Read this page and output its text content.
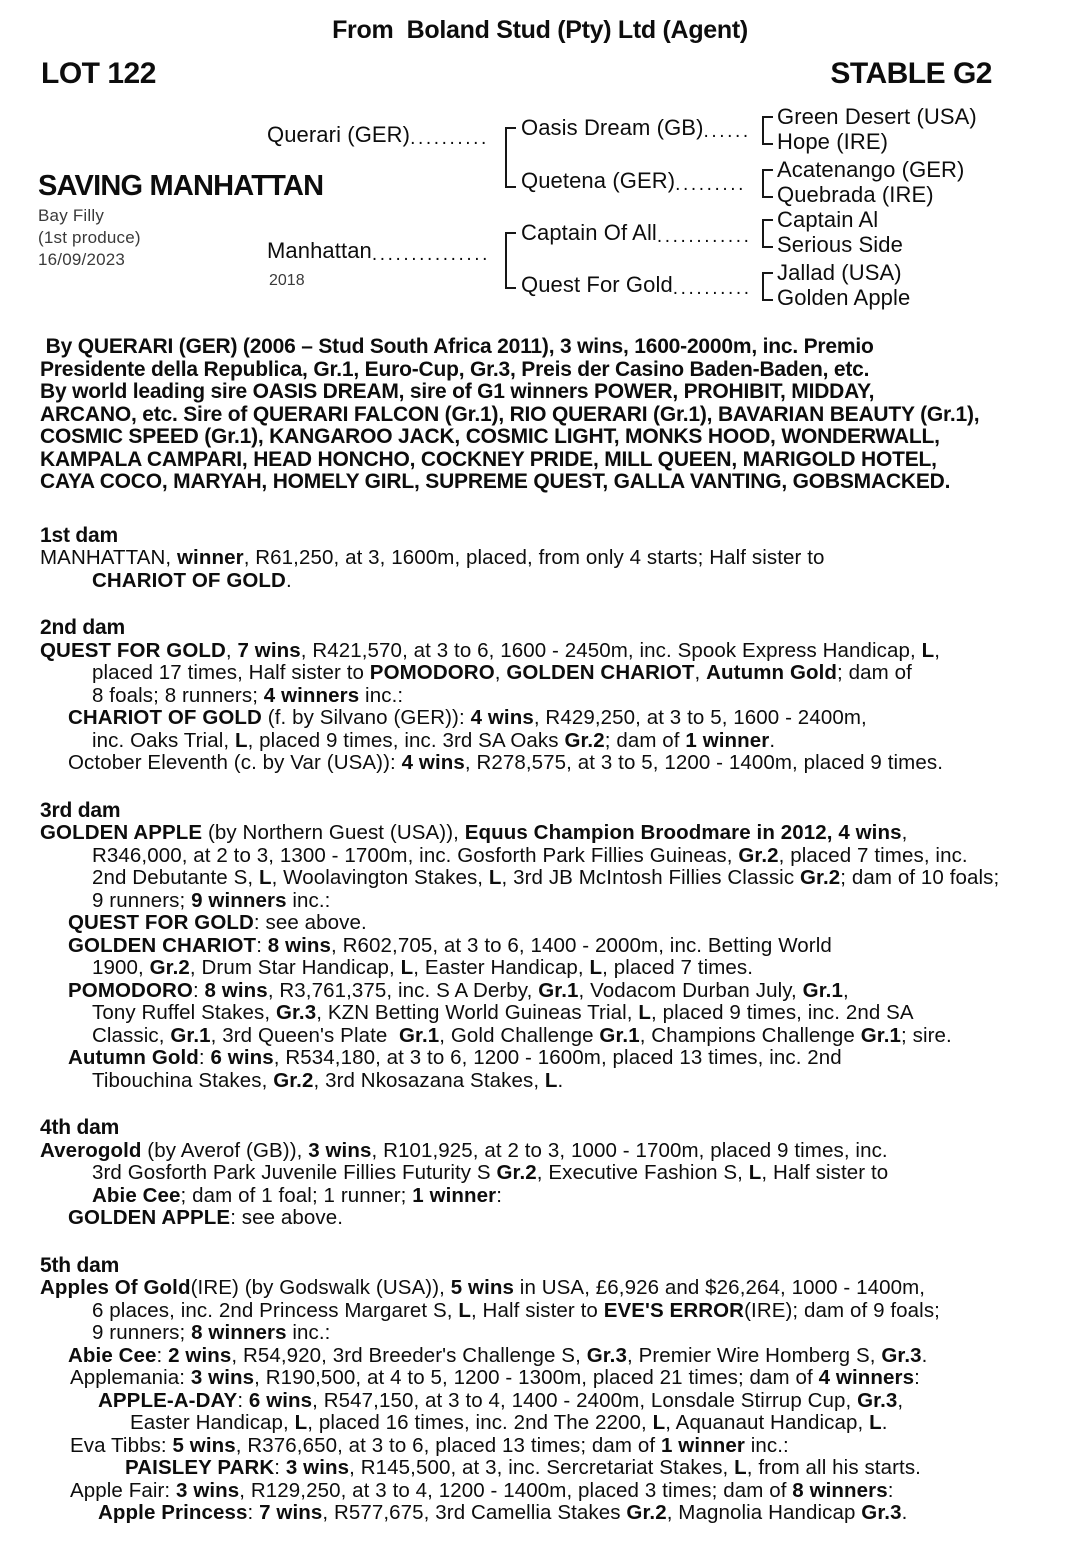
From  Boland Stud (Pty) Ltd (Agent)
LOT 122	STABLE G2
SAVING MANHATTAN
Bay Filly
(1st produce)
16/09/2023
Querari (GER)..........
Manhattan...............
2018
Oasis Dream (GB)......
Quetena (GER).........
Captain Of All............
Quest For Gold..........
Green Desert (USA)
Hope (IRE)
Acatenango (GER)
Quebrada (IRE)
Captain Al
Serious Side
Jallad (USA)
Golden Apple
By QUERARI (GER) (2006 – Stud South Africa 2011), 3 wins, 1600-2000m, inc. Premio
Presidente della Republica, Gr.1, Euro-Cup, Gr.3, Preis der Casino Baden-Baden, etc.
By world leading sire OASIS DREAM, sire of G1 winners POWER, PROHIBIT, MIDDAY,
ARCANO, etc. Sire of QUERARI FALCON (Gr.1), RIO QUERARI (Gr.1), BAVARIAN BEAUTY (Gr.1),
COSMIC SPEED (Gr.1), KANGAROO JACK, COSMIC LIGHT, MONKS HOOD, WONDERWALL,
KAMPALA CAMPARI, HEAD HONCHO, COCKNEY PRIDE, MILL QUEEN, MARIGOLD HOTEL,
CAYA COCO, MARYAH, HOMELY GIRL, SUPREME QUEST, GALLA VANTING, GOBSMACKED.
1st dam
MANHATTAN, winner, R61,250, at 3, 1600m, placed, from only 4 starts; Half sister to
CHARIOT OF GOLD.
2nd dam
QUEST FOR GOLD, 7 wins, R421,570, at 3 to 6, 1600 - 2450m, inc. Spook Express Handicap, L,
placed 17 times, Half sister to POMODORO, GOLDEN CHARIOT, Autumn Gold; dam of
8 foals; 8 runners; 4 winners inc.:
CHARIOT OF GOLD (f. by Silvano (GER)): 4 wins, R429,250, at 3 to 5, 1600 - 2400m,
inc. Oaks Trial, L, placed 9 times, inc. 3rd SA Oaks Gr.2; dam of 1 winner.
October Eleventh (c. by Var (USA)): 4 wins, R278,575, at 3 to 5, 1200 - 1400m, placed 9 times.
3rd dam
GOLDEN APPLE (by Northern Guest (USA)), Equus Champion Broodmare in 2012, 4 wins,
R346,000, at 2 to 3, 1300 - 1700m, inc. Gosforth Park Fillies Guineas, Gr.2, placed 7 times, inc.
2nd Debutante S, L, Woolavington Stakes, L, 3rd JB McIntosh Fillies Classic Gr.2; dam of 10 foals;
9 runners; 9 winners inc.:
QUEST FOR GOLD: see above.
GOLDEN CHARIOT: 8 wins, R602,705, at 3 to 6, 1400 - 2000m, inc. Betting World
1900, Gr.2, Drum Star Handicap, L, Easter Handicap, L, placed 7 times.
POMODORO: 8 wins, R3,761,375, inc. S A Derby, Gr.1, Vodacom Durban July, Gr.1,
Tony Ruffel Stakes, Gr.3, KZN Betting World Guineas Trial, L, placed 9 times, inc. 2nd SA
Classic, Gr.1, 3rd Queen's Plate  Gr.1, Gold Challenge Gr.1, Champions Challenge Gr.1; sire.
Autumn Gold: 6 wins, R534,180, at 3 to 6, 1200 - 1600m, placed 13 times, inc. 2nd
Tibouchina Stakes, Gr.2, 3rd Nkosazana Stakes, L.
4th dam
Averogold (by Averof (GB)), 3 wins, R101,925, at 2 to 3, 1000 - 1700m, placed 9 times, inc.
3rd Gosforth Park Juvenile Fillies Futurity S Gr.2, Executive Fashion S, L, Half sister to
Abie Cee; dam of 1 foal; 1 runner; 1 winner:
GOLDEN APPLE: see above.
5th dam
Apples Of Gold(IRE) (by Godswalk (USA)), 5 wins in USA, £6,926 and $26,264, 1000 - 1400m,
6 places, inc. 2nd Princess Margaret S, L, Half sister to EVE'S ERROR(IRE); dam of 9 foals;
9 runners; 8 winners inc.:
Abie Cee: 2 wins, R54,920, 3rd Breeder's Challenge S, Gr.3, Premier Wire Homberg S, Gr.3.
Applemania: 3 wins, R190,500, at 4 to 5, 1200 - 1300m, placed 21 times; dam of 4 winners:
APPLE-A-DAY: 6 wins, R547,150, at 3 to 4, 1400 - 2400m, Lonsdale Stirrup Cup, Gr.3,
Easter Handicap, L, placed 16 times, inc. 2nd The 2200, L, Aquanaut Handicap, L.
Eva Tibbs: 5 wins, R376,650, at 3 to 6, placed 13 times; dam of 1 winner inc.:
PAISLEY PARK: 3 wins, R145,500, at 3, inc. Sercretariat Stakes, L, from all his starts.
Apple Fair: 3 wins, R129,250, at 3 to 4, 1200 - 1400m, placed 3 times; dam of 8 winners:
Apple Princess: 7 wins, R577,675, 3rd Camellia Stakes Gr.2, Magnolia Handicap Gr.3.
